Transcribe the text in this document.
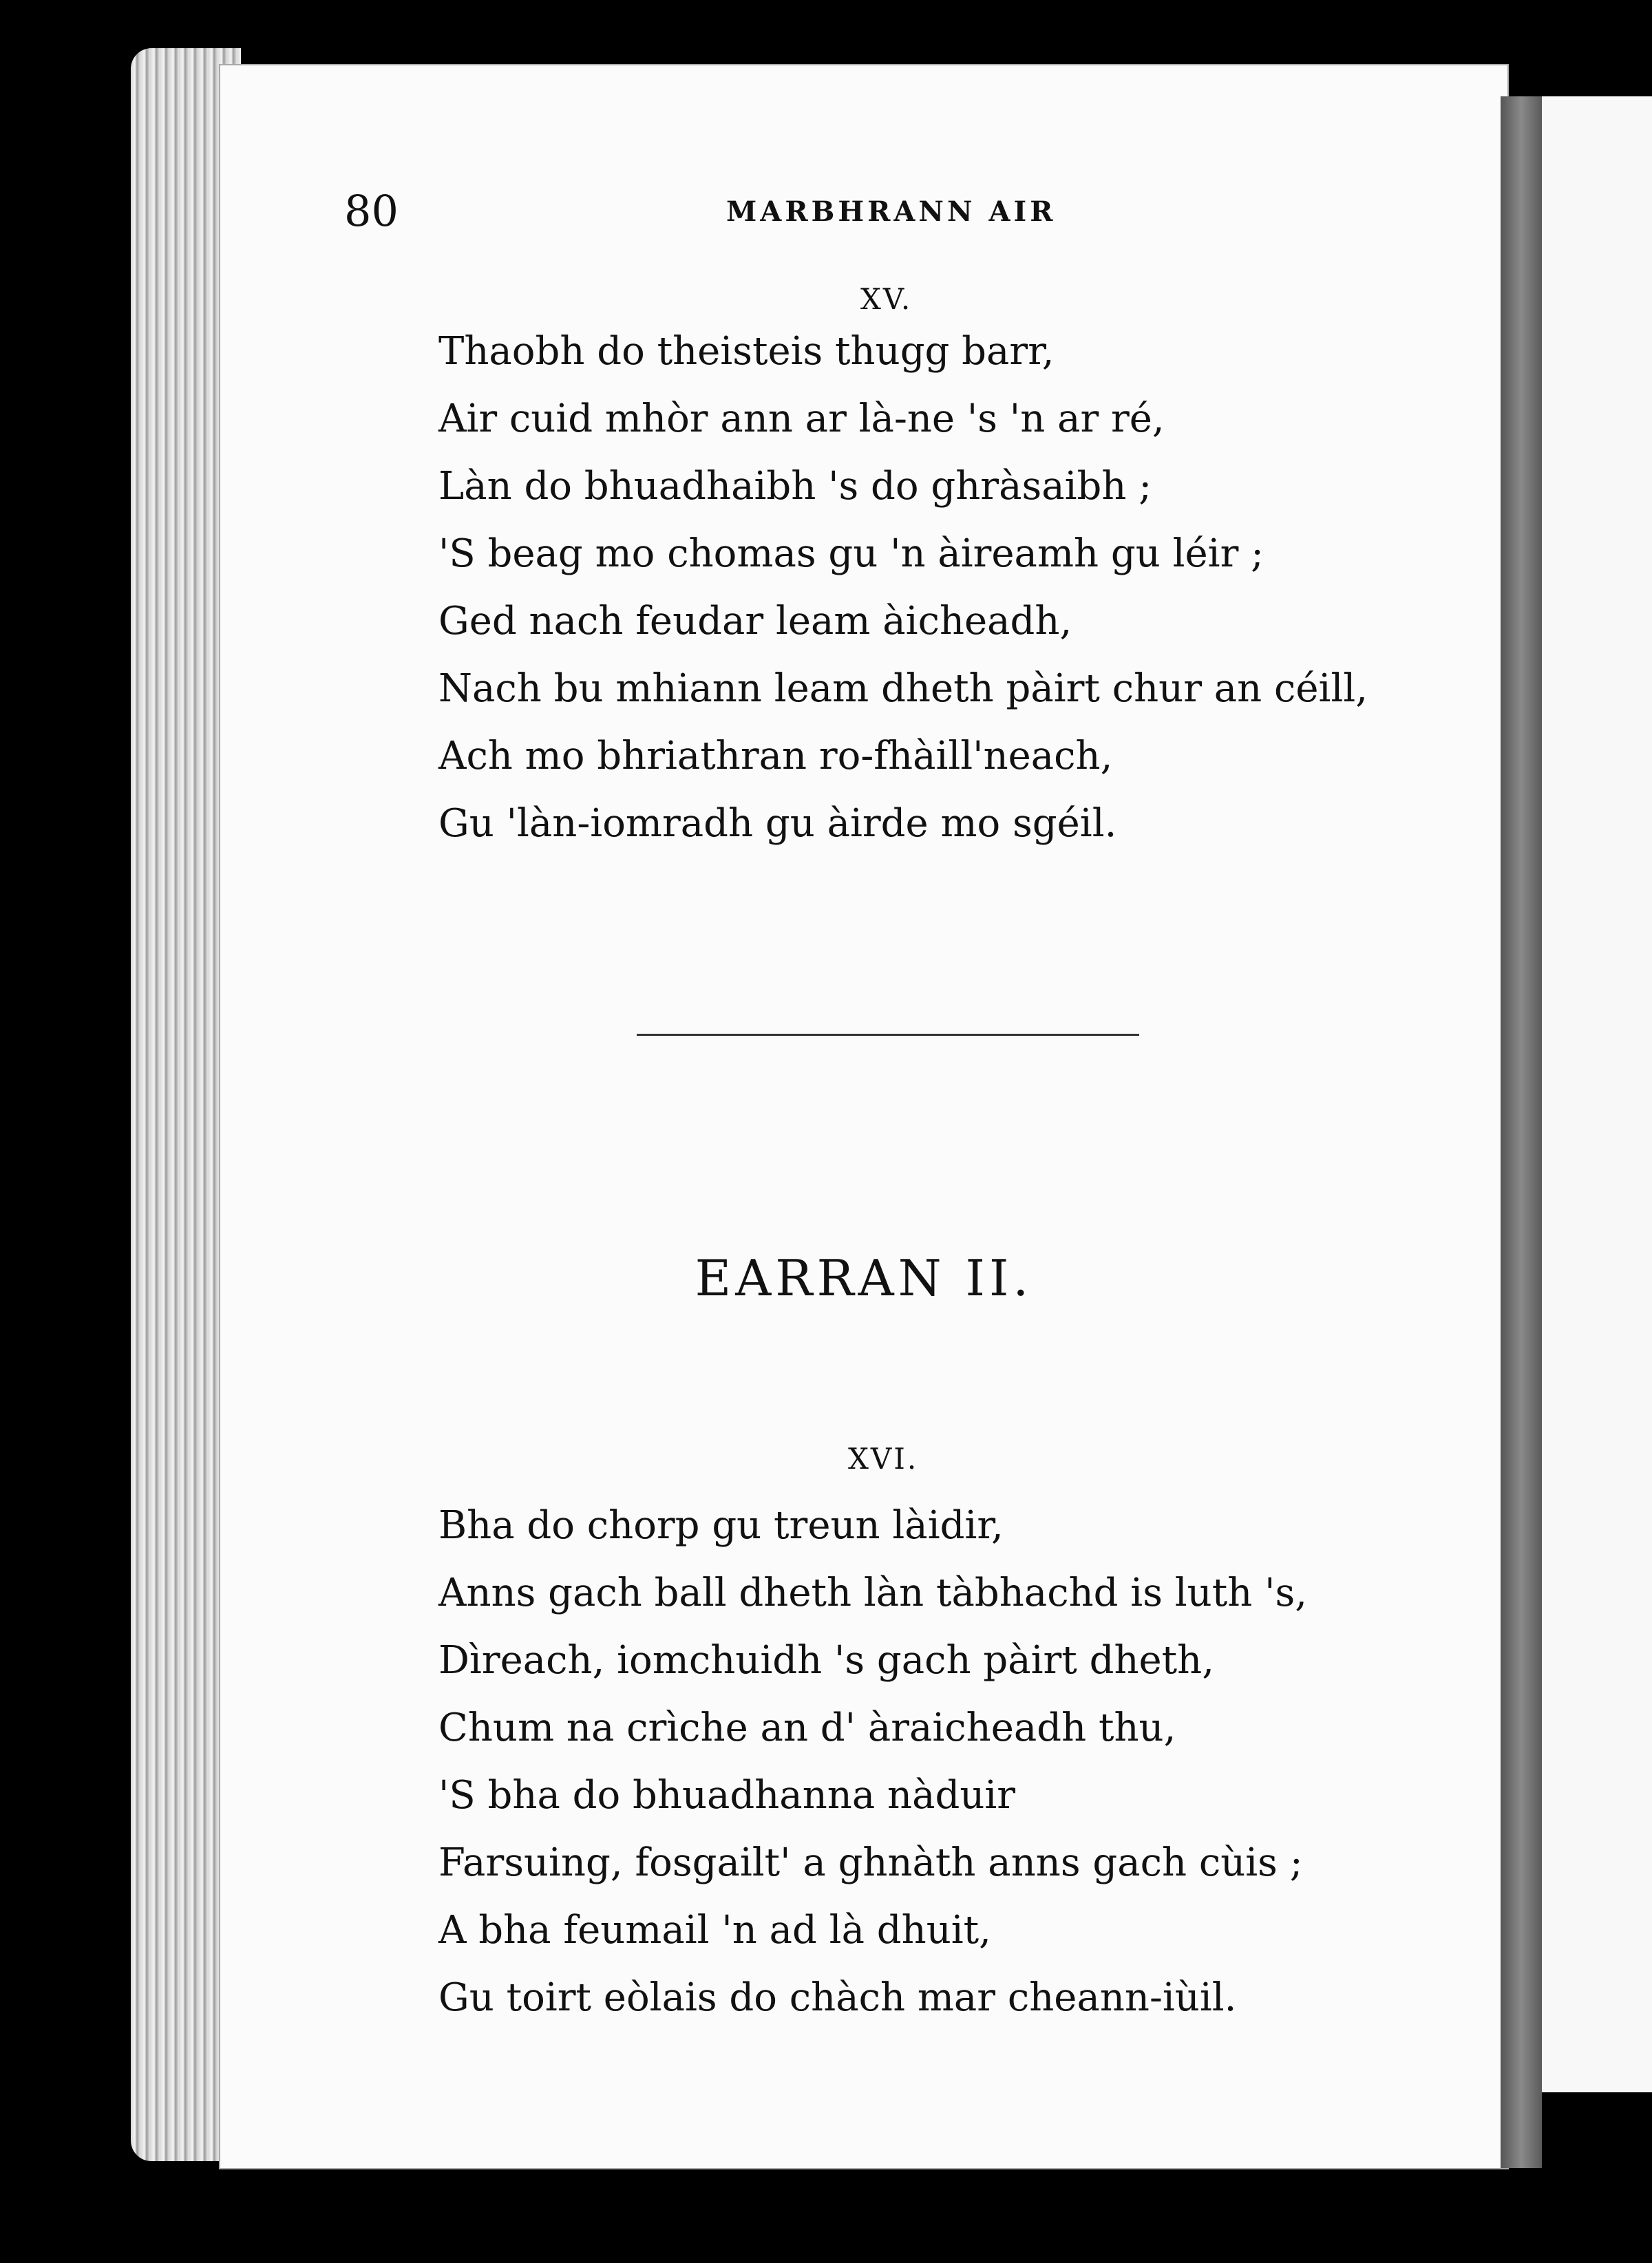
80	MARBHRANN AIR
XV.
Thaobh do theisteis thugg barr,
Air cuid mhòr ann ar là-ne 's 'n ar ré,
Làn do bhuadhaibh 's do ghràsaibh ;
'S beag mo chomas gu 'n àireamh gu léir ;
Ged nach feudar leam àicheadh,
Nach bu mhiann leam dheth pàirt chur an céill,
Ach mo bhriathran ro-fhàill'neach,
Gu 'làn-iomradh gu àirde mo sgéil.
EARRAN II.
XVI.
Bha do chorp gu treun làidir,
Anns gach ball dheth làn tàbhachd is luth 's,
Dìreach, iomchuidh 's gach pàirt dheth,
Chum na crìche an d' àraicheadh thu,
'S bha do bhuadhanna nàduir
Farsuing, fosgailt' a ghnàth anns gach cùis ;
A bha feumail 'n ad là dhuit,
Gu toirt eòlais do chàch mar cheann-iùil.
